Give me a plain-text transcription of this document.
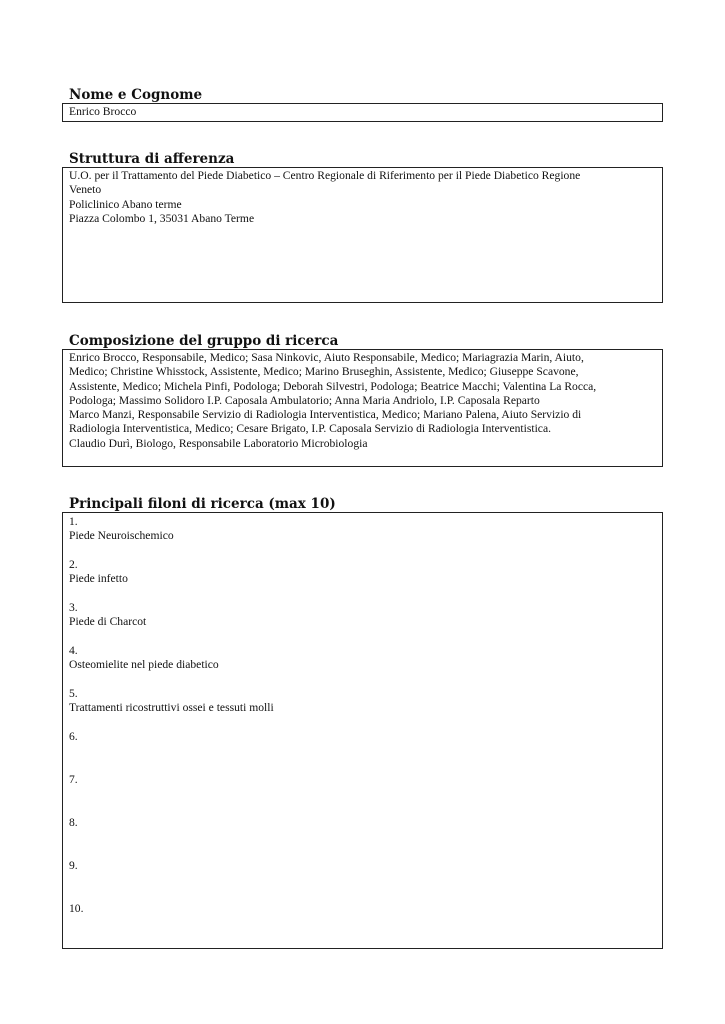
Nome e Cognome
Enrico Brocco
Struttura di afferenza
U.O. per il Trattamento del Piede Diabetico – Centro Regionale di Riferimento per il Piede Diabetico Regione
Veneto
Policlinico Abano terme
Piazza Colombo 1, 35031 Abano Terme
Composizione del gruppo di ricerca
Enrico Brocco, Responsabile, Medico; Sasa Ninkovic, Aiuto Responsabile, Medico; Mariagrazia Marin, Aiuto,
Medico; Christine Whisstock, Assistente, Medico; Marino Bruseghin, Assistente, Medico; Giuseppe Scavone,
Assistente, Medico; Michela Pinfi, Podologa; Deborah Silvestri, Podologa; Beatrice Macchi; Valentina La Rocca,
Podologa; Massimo Solidoro I.P. Caposala Ambulatorio; Anna Maria Andriolo, I.P. Caposala Reparto
Marco Manzi, Responsabile Servizio di Radiologia Interventistica, Medico; Mariano Palena, Aiuto Servizio di
Radiologia Interventistica, Medico; Cesare Brigato, I.P. Caposala Servizio di Radiologia Interventistica.
Claudio Durì, Biologo, Responsabile Laboratorio Microbiologia
Principali filoni di ricerca (max 10)
1.
Piede Neuroischemico
2.
Piede infetto
3.
Piede di Charcot
4.
Osteomielite nel piede diabetico
5.
Trattamenti ricostruttivi ossei e tessuti molli
6.
7.
8.
9.
10.
